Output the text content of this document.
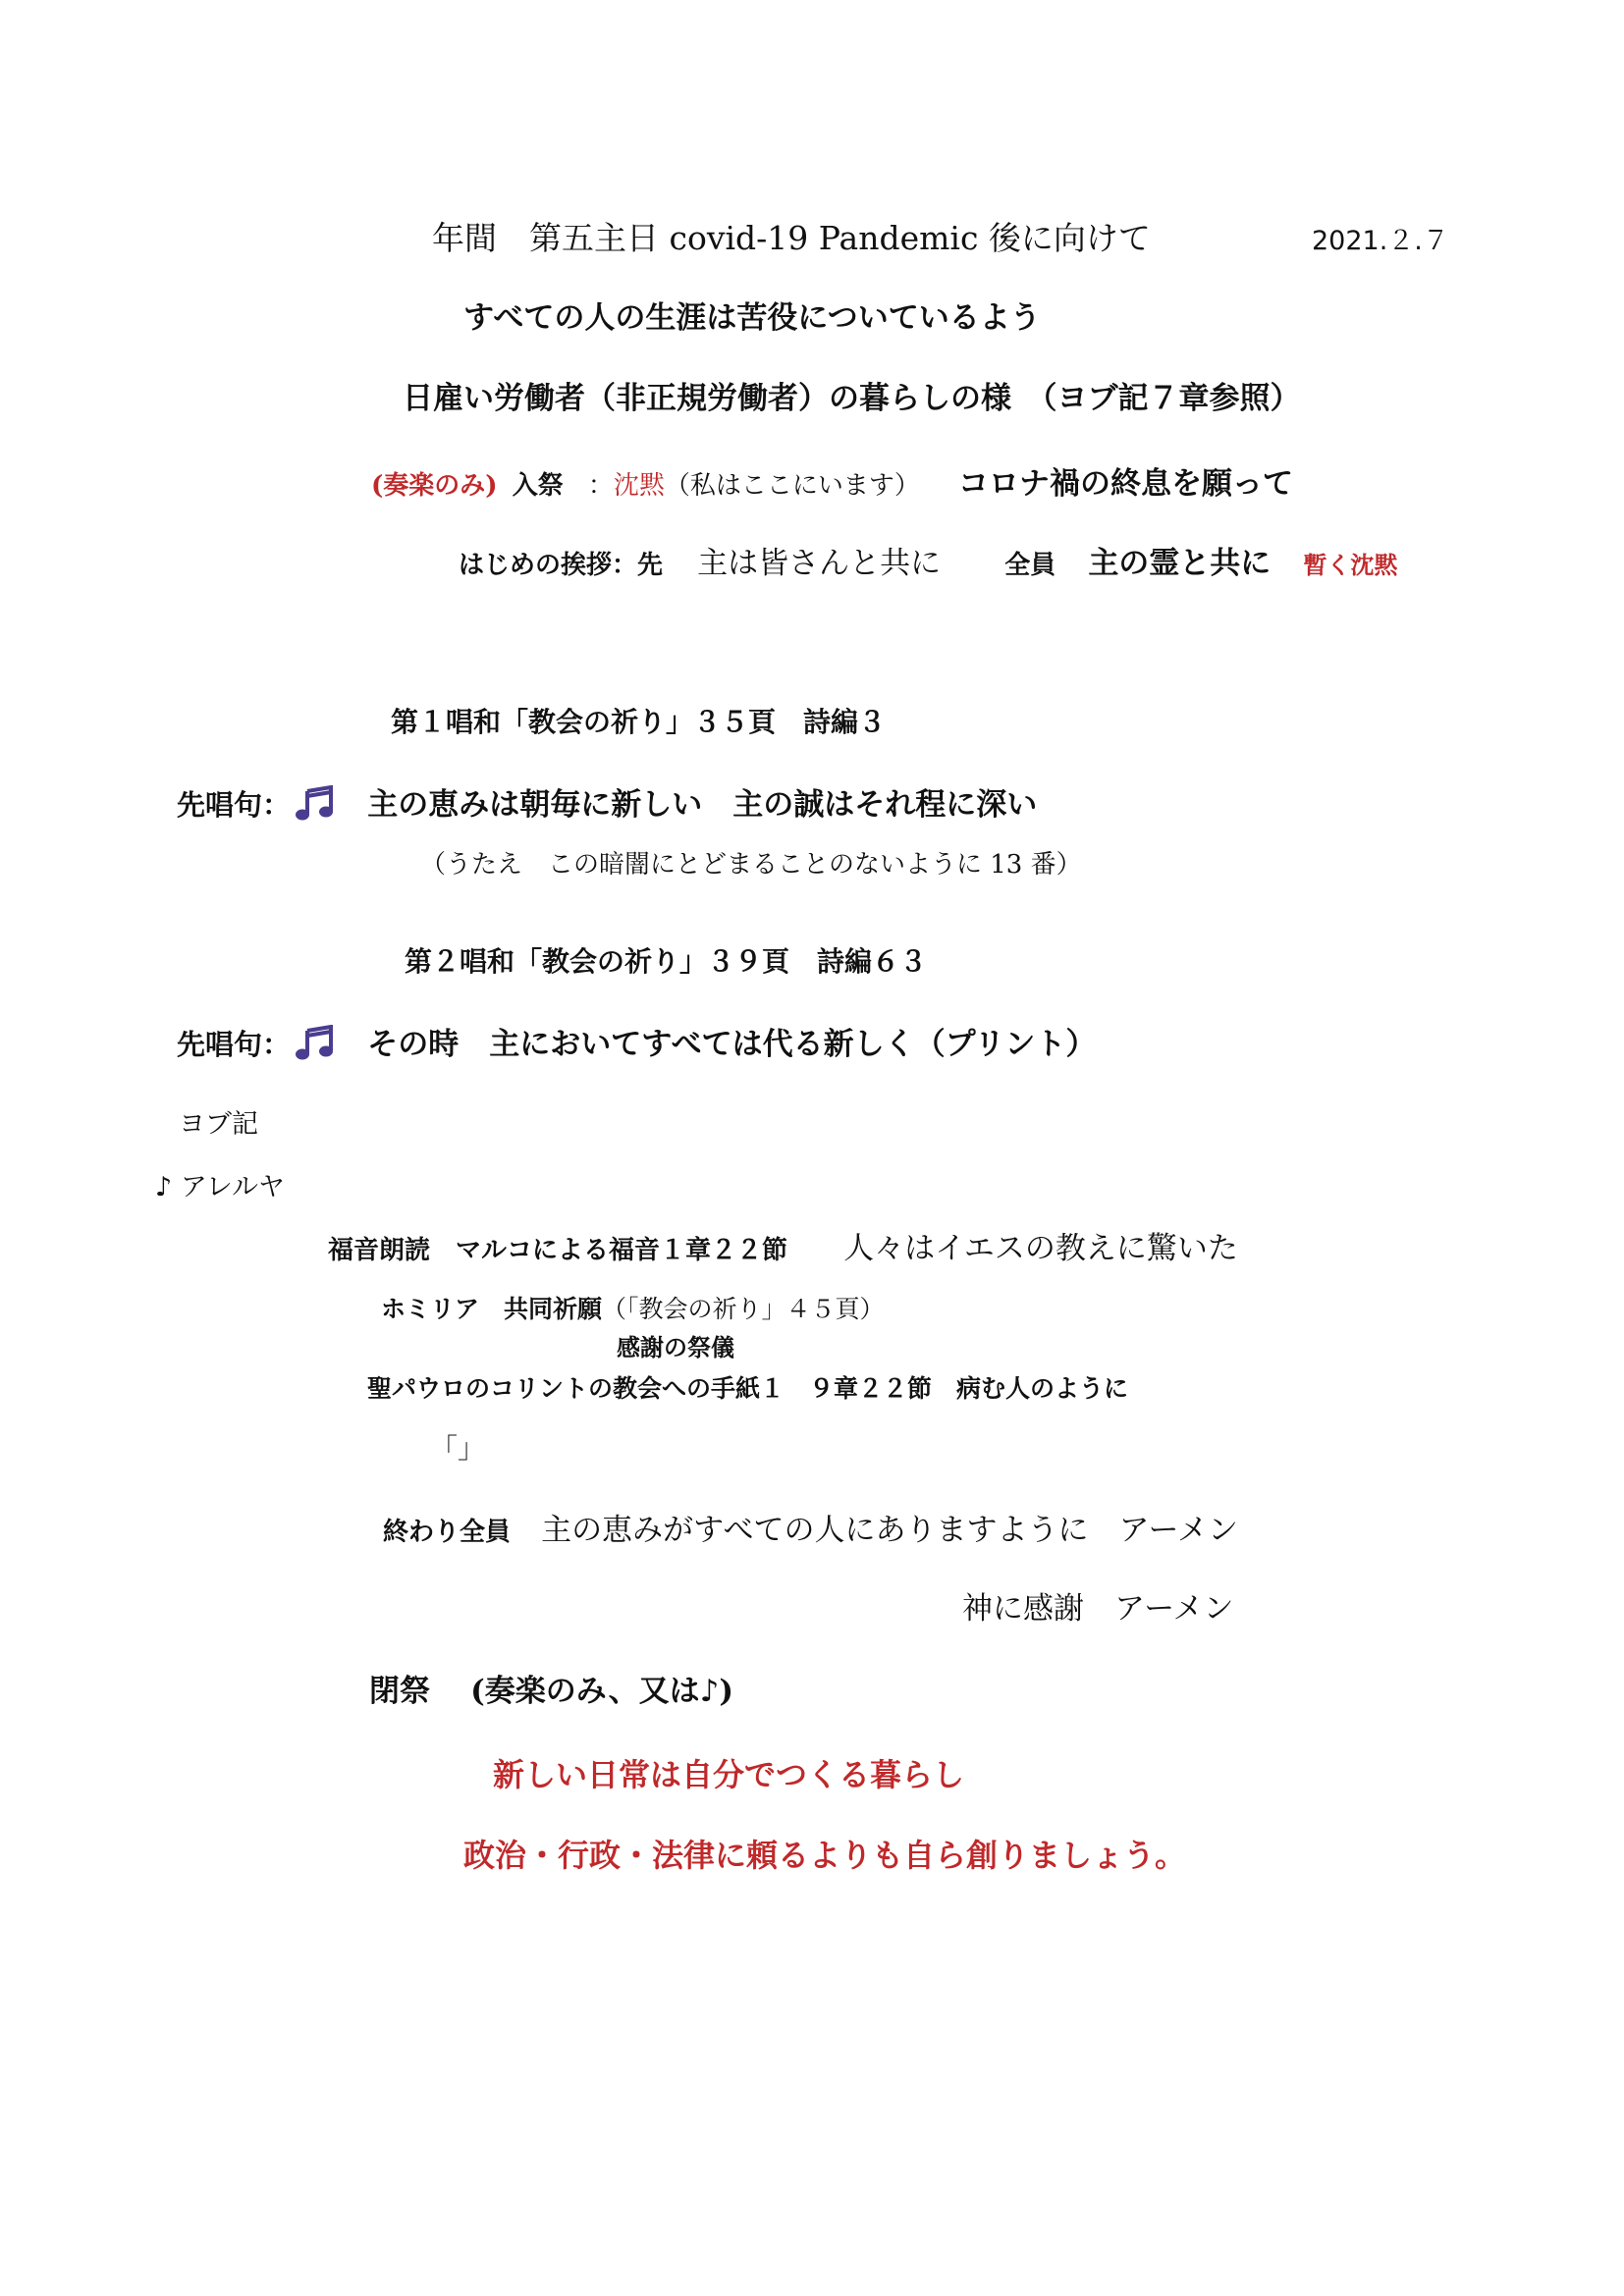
年間　第五主日 covid-19 Pandemic 後に向けて	2021.２.７
すべての人の生涯は苦役についているよう
日雇い労働者（非正規労働者）の暮らしの様　（ヨブ記７章参照）
(奏楽のみ) 入祭 ：沈黙（私はここにいます） コロナ禍の終息を願って
はじめの挨拶：先 主は皆さんと共に	全員 主の霊と共に 暫く沈黙
第１唱和「教会の祈り」３５頁　詩編３
先唱句：	主の恵みは朝毎に新しい　主の誠はそれ程に深い
（うたえ　この暗闇にとどまることのないように 13 番）
第２唱和「教会の祈り」３９頁　詩編６３
先唱句：	その時　主においてすべては代る新しく（プリント）
ヨブ記
♪ アレルヤ
福音朗読　マルコによる福音１章２２節 人々はイエスの教えに驚いた
ホミリア　共同祈願（「教会の祈り」４５頁）
感謝の祭儀
聖パウロのコリントの教会への手紙１　９章２２節　病む人のように
「」
終わり全員 主の恵みがすべての人にありますように　アーメン
神に感謝　アーメン
閉祭 (奏楽のみ、又は♪)
新しい日常は自分でつくる暮らし
政治・行政・法律に頼るよりも自ら創りましょう。
